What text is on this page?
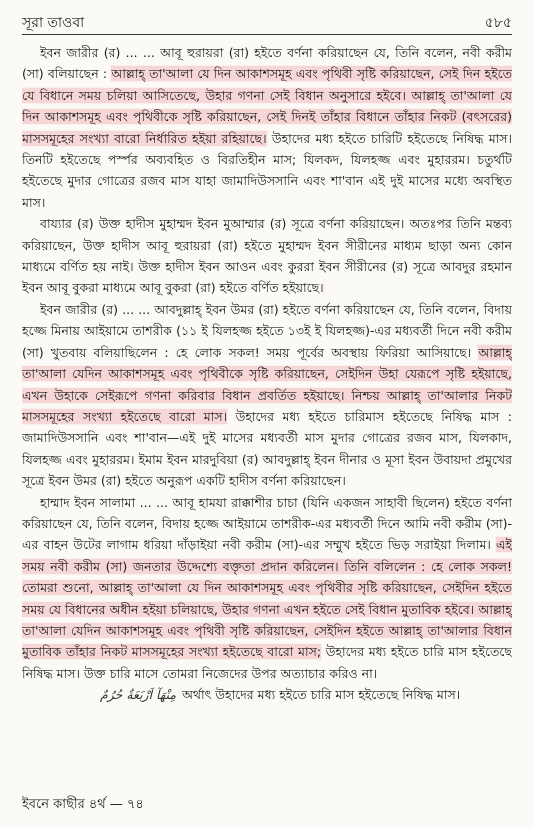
সূরা তাওবা	৫৮৫

ইবন জারীর (র) ... ... আবূ হুরায়রা (রা) হইতে বর্ণনা করিয়াছেন যে, তিনি বলেন, নবী করীম (সা) বলিয়াছেন : আল্লাহ্ তা'আলা যে দিন আকাশসমূহ এবং পৃথিবী সৃষ্টি করিয়াছেন, সেই দিন হইতে যে বিধানে সময় চলিয়া আসিতেছে, উহার গণনা সেই বিধান অনুসারে হইবে। আল্লাহ্ তা'আলা যে দিন আকাশসমূহ এবং পৃথিবীকে সৃষ্টি করিয়াছেন, সেই দিনই তাঁহার বিধানে তাঁহার নিকট (বৎসরের) মাসসমূহের সংখ্যা বারো নির্ধারিত হইয়া রহিয়াছে। উহাদের মধ্য হইতে চারিটি হইতেছে নিষিদ্ধ মাস। তিনটি হইতেছে পর্স্পর অব্যবহিত ও বিরতিহীন মাস; যিলকদ, যিলহজ্জ এবং মুহাররম। চতুর্থটি হইতেছে মুদার গোত্রের রজব মাস যাহা জামাদিউসসানি এবং শা'বান এই দুই মাসের মধ্যে অবস্থিত মাস।

বায্যার (র) উক্ত হাদীস মুহাম্মদ ইবন মুআম্মার (র) সূত্রে বর্ণনা করিয়াছেন। অতঃপর তিনি মন্তব্য করিয়াছেন, উক্ত হাদীস আবূ হুরায়রা (রা) হইতে মুহাম্মদ ইবন সীরীনের মাধ্যম ছাড়া অন্য কোন মাধ্যমে বর্ণিত হয় নাই। উক্ত হাদীস ইবন আওন এবং কুররা ইবন সীরীনের (র) সূত্রে আবদুর রহমান ইবন আবূ বুকরা মাধ্যমে আবূ বুকরা (রা) হইতে বর্ণিত হইয়াছে।

ইবন জারীর (র) ... ... আবদুল্লাহ্ ইবন উমর (রা) হইতে বর্ণনা করিয়াছেন যে, তিনি বলেন, বিদায় হজ্জে মিনায় আইয়ামে তাশরীক (১১ ই যিলহজ্জ হইতে ১৩ই ই যিলহজ্জ)-এর মধ্যবর্তী দিনে নবী করীম (সা) খুতবায় বলিয়াছিলেন : হে লোক সকল! সময় পূর্বের অবস্থায় ফিরিয়া আসিয়াছে। আল্লাহ্ তা'আলা যেদিন আকাশসমূহ এবং পৃথিবীকে সৃষ্টি করিয়াছেন, সেইদিন উহা যেরূপে সৃষ্টি হইয়াছে, এখন উহাকে সেইরূপে গণনা করিবার বিধান প্রবর্তিত হইয়াছে। নিশ্চয় আল্লাহ্ তা'আলার নিকট মাসসমূহের সংখ্যা হইতেছে বারো মাস। উহাদের মধ্য হইতে চারিমাস হইতেছে নিষিদ্ধ মাস : জামাদিউসসানি এবং শা'বান—এই দুই মাসের মধ্যবর্তী মাস মুদার গোত্রের রজব মাস, যিলকাদ, যিলহজ্জ এবং মুহাররম। ইমাম ইবন মারদুবিয়া (র) আবদুল্লাহ্ ইবন দীনার ও মূসা ইবন উবায়দা প্রমুখের সূত্রে ইবন উমর (রা) হইতে অনুরূপ একটি হাদীস বর্ণনা করিয়াছেন।

হাম্মাদ ইবন সালামা ... ... আবূ হামযা রাক্কাশীর চাচা (যিনি একজন সাহাবী ছিলেন) হইতে বর্ণনা করিয়াছেন যে, তিনি বলেন, বিদায় হজ্জে আইয়ামে তাশরীক-এর মধ্যবর্তী দিনে আমি নবী করীম (সা)-এর বাহন উটের লাগাম ধরিয়া দাঁড়াইয়া নবী করীম (সা)-এর সম্মুখ হইতে ভিড় সরাইয়া দিলাম। এই সময় নবী করীম (সা) জনতার উদ্দেশ্যে বক্তৃতা প্রদান করিলেন। তিনি বলিলেন : হে লোক সকল! তোমরা শুনো, আল্লাহ্ তা'আলা যে দিন আকাশসমূহ এবং পৃথিবীর সৃষ্টি করিয়াছেন, সেইদিন হইতে সময় যে বিধানের অধীন হইয়া চলিয়াছে, উহার গণনা এখন হইতে সেই বিধান মুতাবিক হইবে। আল্লাহ্ তা'আলা যেদিন আকাশসমূহ এবং পৃথিবী সৃষ্টি করিয়াছেন, সেইদিন হইতে আল্লাহ্ তা'আলার বিধান মুতাবিক তাঁহার নিকট মাসসমূহের সংখ্যা হইতেছে বারো মাস; উহাদের মধ্য হইতে চারি মাস হইতেছে নিষিদ্ধ মাস। উক্ত চারি মাসে তোমরা নিজেদের উপর অত্যাচার করিও না।

مِنْهَآ اَرْبَعَةٌ حُرُمٌ অর্থাৎ উহাদের মধ্য হইতে চারি মাস হইতেছে নিষিদ্ধ মাস।

ইবনে কাছীর ৪র্থ — ৭৪
